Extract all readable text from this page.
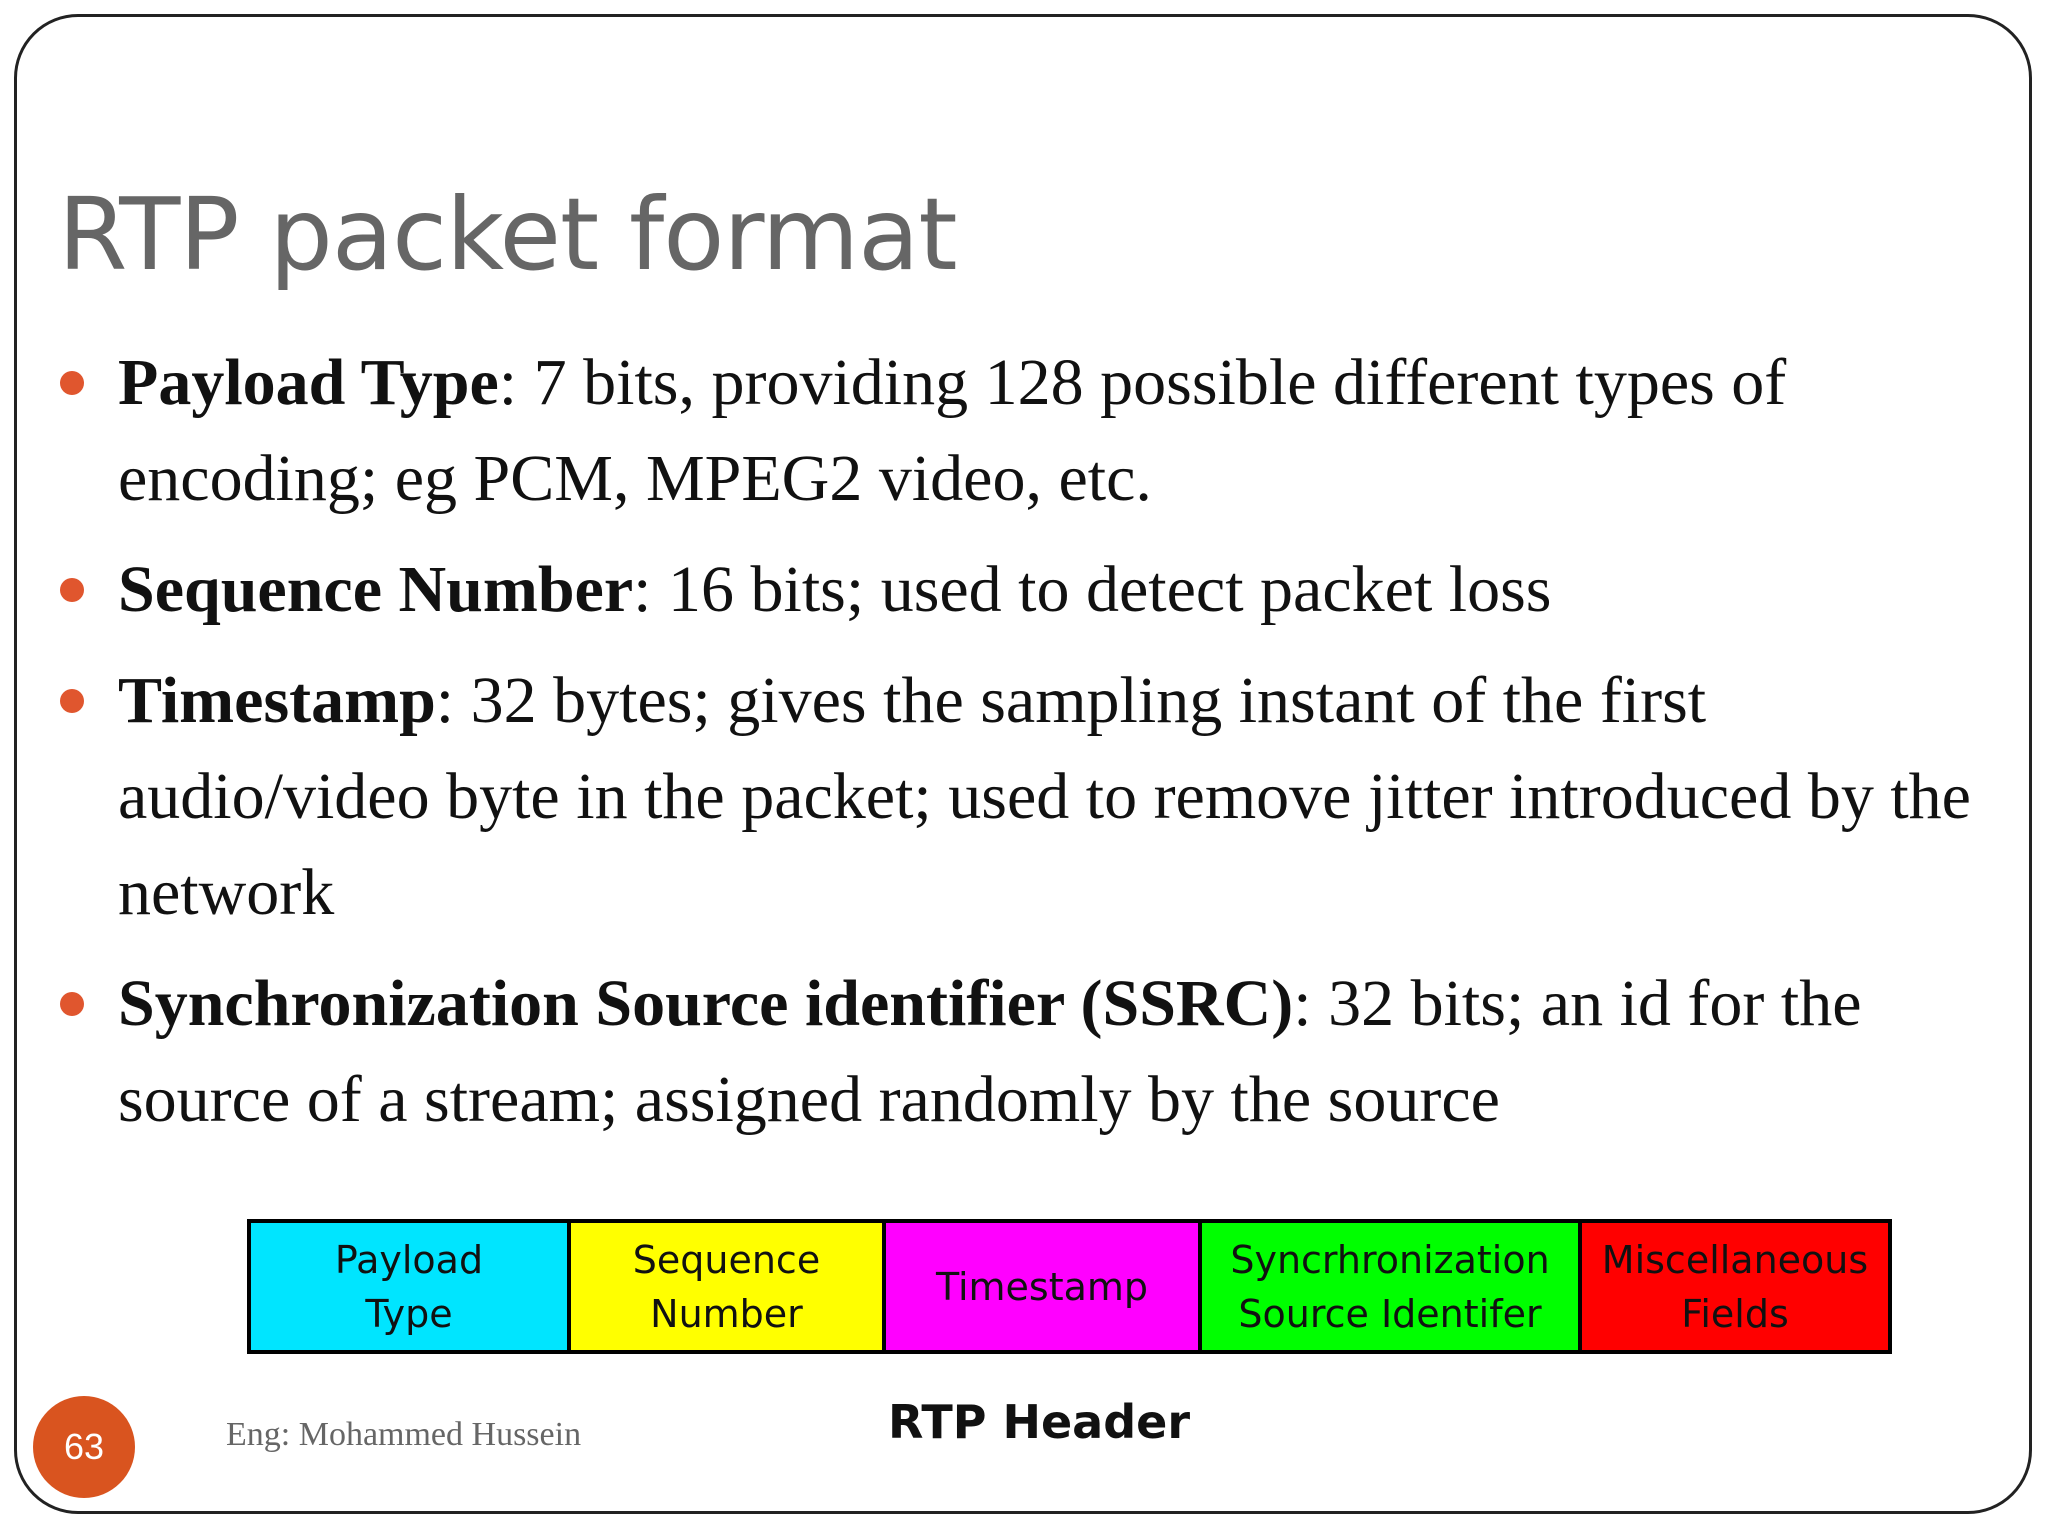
RTP packet format
Payload Type: 7 bits, providing 128 possible different types of encoding; eg PCM, MPEG2 video, etc.
Sequence Number: 16 bits; used to detect packet loss
Timestamp: 32 bytes; gives the sampling instant of the first audio/video byte in the packet; used to remove jitter introduced by the network
Synchronization Source identifier (SSRC): 32 bits; an id for the source of a stream; assigned randomly by the source
Payload
Type
Sequence
Number
Timestamp
Syncrhronization
Source Identifer
Miscellaneous
Fields
RTP Header
63	Eng: Mohammed Hussein
